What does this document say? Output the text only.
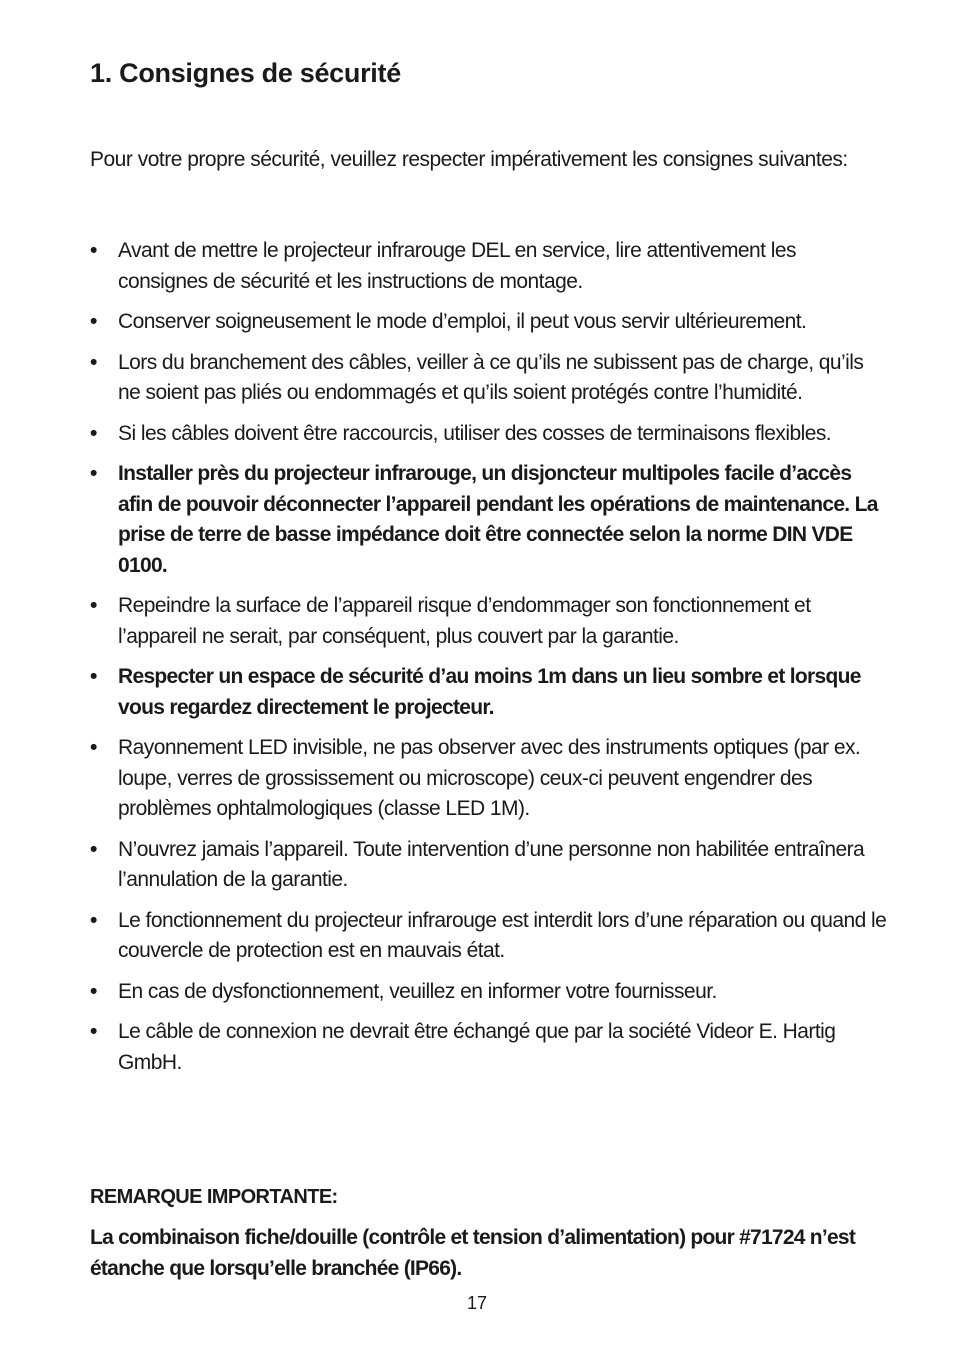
1. Consignes de sécurité

Pour votre propre sécurité, veuillez respecter impérativement les consignes suivantes:

• Avant de mettre le projecteur infrarouge DEL en service, lire attentivement les consignes de sécurité et les instructions de montage.
• Conserver soigneusement le mode d’emploi, il peut vous servir ultérieurement.
• Lors du branchement des câbles, veiller à ce qu’ils ne subissent pas de charge, qu’ils ne soient pas pliés ou endommagés et qu’ils soient protégés contre l’humidité.
• Si les câbles doivent être raccourcis, utiliser des cosses de terminaisons flexibles.
• Installer près du projecteur infrarouge, un disjoncteur multipoles facile d’accès afin de pouvoir déconnecter l’appareil pendant les opérations de maintenance. La prise de terre de basse impédance doit être connectée selon la norme DIN VDE 0100.
• Repeindre la surface de l’appareil risque d’endommager son fonctionnement et l’appareil ne serait, par conséquent, plus couvert par la garantie.
• Respecter un espace de sécurité d’au moins 1m dans un lieu sombre et lorsque vous regardez directement le projecteur.
• Rayonnement LED invisible, ne pas observer avec des instruments optiques (par ex. loupe, verres de grossissement ou microscope) ceux-ci peuvent engendrer des problèmes ophtalmologiques (classe LED 1M).
• N’ouvrez jamais l’appareil. Toute intervention d’une personne non habilitée entraînera l’annulation de la garantie.
• Le fonctionnement du projecteur infrarouge est interdit lors d’une réparation ou quand le couvercle de protection est en mauvais état.
• En cas de dysfonctionnement, veuillez en informer votre fournisseur.
• Le câble de connexion ne devrait être échangé que par la société Videor E. Hartig GmbH.

REMARQUE IMPORTANTE:

La combinaison fiche/douille (contrôle et tension d’alimentation) pour #71724 n’est étanche que lorsqu’elle branchée (IP66).

17
